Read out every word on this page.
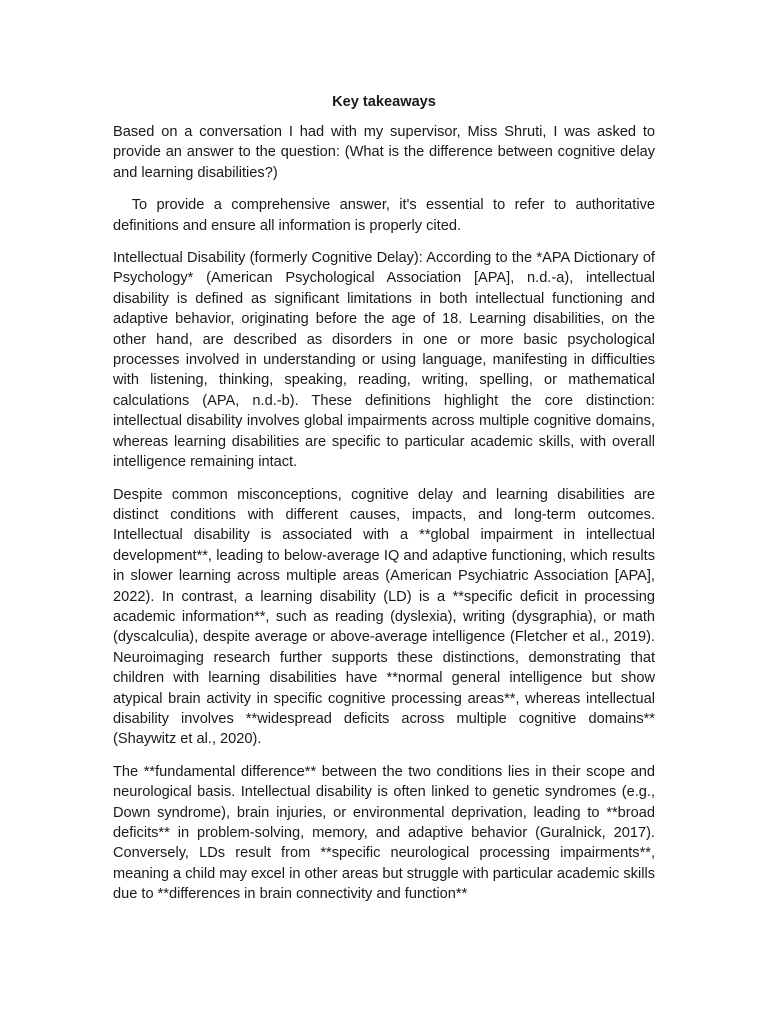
Key takeaways

Based on a conversation I had with my supervisor, Miss Shruti, I was asked to provide an answer to the question: (What is the difference between cognitive delay and learning disabilities?)

To provide a comprehensive answer, it's essential to refer to authoritative definitions and ensure all information is properly cited.

Intellectual Disability (formerly Cognitive Delay): According to the *APA Dictionary of Psychology* (American Psychological Association [APA], n.d.-a), intellectual disability is defined as significant limitations in both intellectual functioning and adaptive behavior, originating before the age of 18. Learning disabilities, on the other hand, are described as disorders in one or more basic psychological processes involved in understanding or using language, manifesting in difficulties with listening, thinking, speaking, reading, writing, spelling, or mathematical calculations (APA, n.d.-b). These definitions highlight the core distinction: intellectual disability involves global impairments across multiple cognitive domains, whereas learning disabilities are specific to particular academic skills, with overall intelligence remaining intact.

Despite common misconceptions, cognitive delay and learning disabilities are distinct conditions with different causes, impacts, and long-term outcomes. Intellectual disability is associated with a **global impairment in intellectual development**, leading to below-average IQ and adaptive functioning, which results in slower learning across multiple areas (American Psychiatric Association [APA], 2022). In contrast, a learning disability (LD) is a **specific deficit in processing academic information**, such as reading (dyslexia), writing (dysgraphia), or math (dyscalculia), despite average or above-average intelligence (Fletcher et al., 2019). Neuroimaging research further supports these distinctions, demonstrating that children with learning disabilities have **normal general intelligence but show atypical brain activity in specific cognitive processing areas**, whereas intellectual disability involves **widespread deficits across multiple cognitive domains** (Shaywitz et al., 2020).

The **fundamental difference** between the two conditions lies in their scope and neurological basis. Intellectual disability is often linked to genetic syndromes (e.g., Down syndrome), brain injuries, or environmental deprivation, leading to **broad deficits** in problem-solving, memory, and adaptive behavior (Guralnick, 2017). Conversely, LDs result from **specific neurological processing impairments**, meaning a child may excel in other areas but struggle with particular academic skills due to **differences in brain connectivity and function**
